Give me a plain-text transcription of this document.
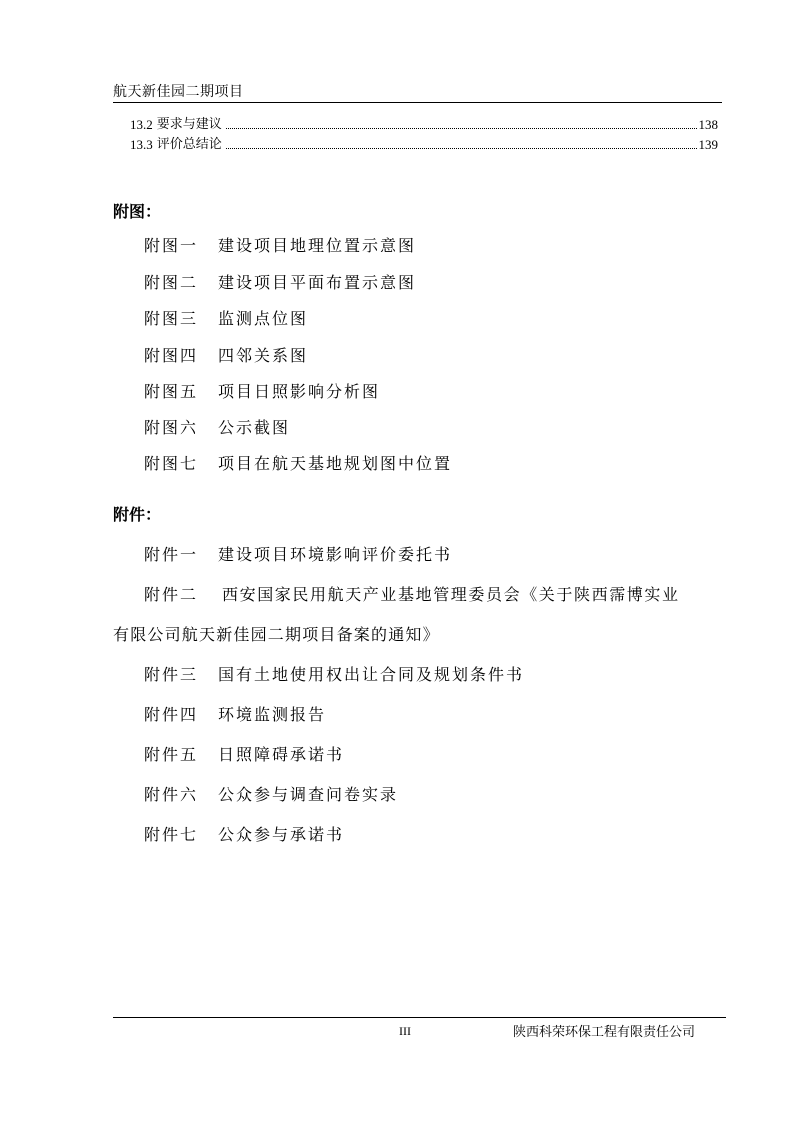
航天新佳园二期项目
13.2 要求与建议	138
13.3 评价总结论	139
附图：
附图一 建设项目地理位置示意图
附图二 建设项目平面布置示意图
附图三 监测点位图
附图四 四邻关系图
附图五 项目日照影响分析图
附图六 公示截图
附图七 项目在航天基地规划图中位置
附件：
附件一 建设项目环境影响评价委托书
附件二 西安国家民用航天产业基地管理委员会《关于陕西霈博实业
有限公司航天新佳园二期项目备案的通知》
附件三 国有土地使用权出让合同及规划条件书
附件四 环境监测报告
附件五 日照障碍承诺书
附件六 公众参与调查问卷实录
附件七 公众参与承诺书
III	陕西科荣环保工程有限责任公司
